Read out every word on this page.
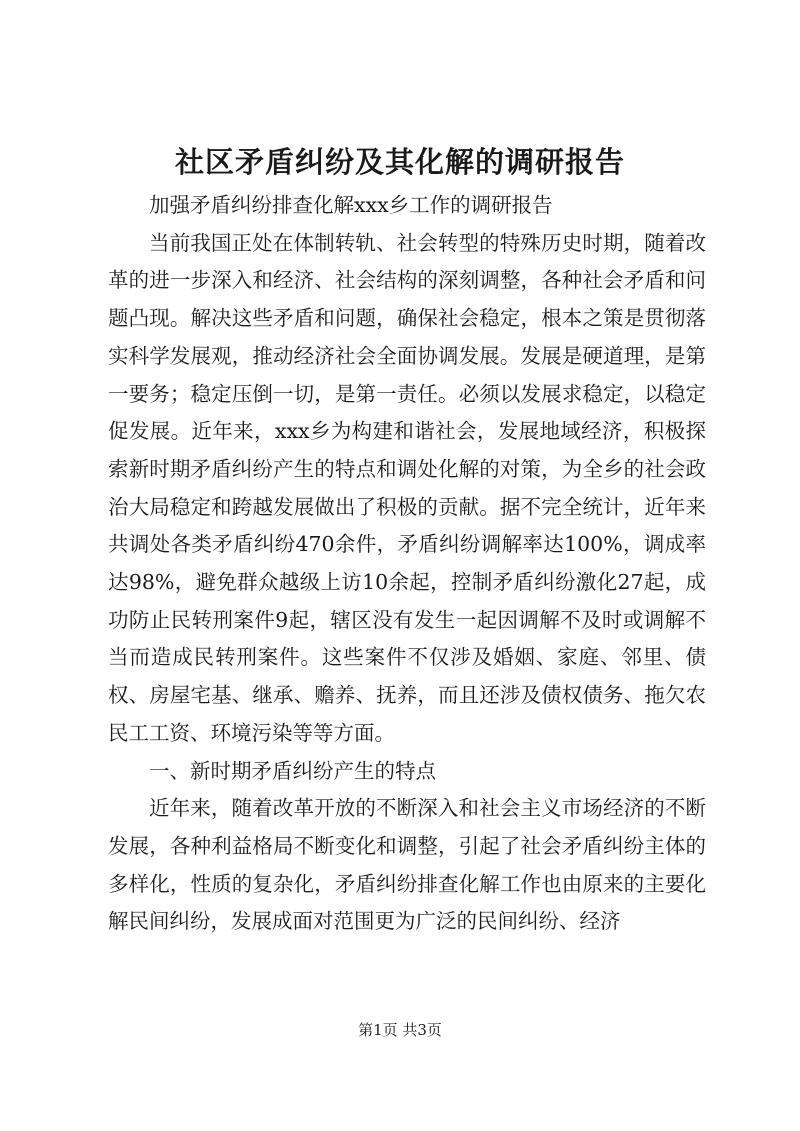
社区矛盾纠纷及其化解的调研报告

加强矛盾纠纷排查化解xxx乡工作的调研报告

当前我国正处在体制转轨、社会转型的特殊历史时期，随着改革的进一步深入和经济、社会结构的深刻调整，各种社会矛盾和问题凸现。解决这些矛盾和问题，确保社会稳定，根本之策是贯彻落实科学发展观，推动经济社会全面协调发展。发展是硬道理，是第一要务；稳定压倒一切，是第一责任。必须以发展求稳定，以稳定促发展。近年来，xxx乡为构建和谐社会，发展地域经济，积极探索新时期矛盾纠纷产生的特点和调处化解的对策，为全乡的社会政治大局稳定和跨越发展做出了积极的贡献。据不完全统计，近年来共调处各类矛盾纠纷470余件，矛盾纠纷调解率达100%，调成率达98%，避免群众越级上访10余起，控制矛盾纠纷激化27起，成功防止民转刑案件9起，辖区没有发生一起因调解不及时或调解不当而造成民转刑案件。这些案件不仅涉及婚姻、家庭、邻里、债权、房屋宅基、继承、赡养、抚养，而且还涉及债权债务、拖欠农民工工资、环境污染等等方面。

一、新时期矛盾纠纷产生的特点

近年来，随着改革开放的不断深入和社会主义市场经济的不断发展，各种利益格局不断变化和调整，引起了社会矛盾纠纷主体的多样化，性质的复杂化，矛盾纠纷排查化解工作也由原来的主要化解民间纠纷，发展成面对范围更为广泛的民间纠纷、经济

第1页 共3页
